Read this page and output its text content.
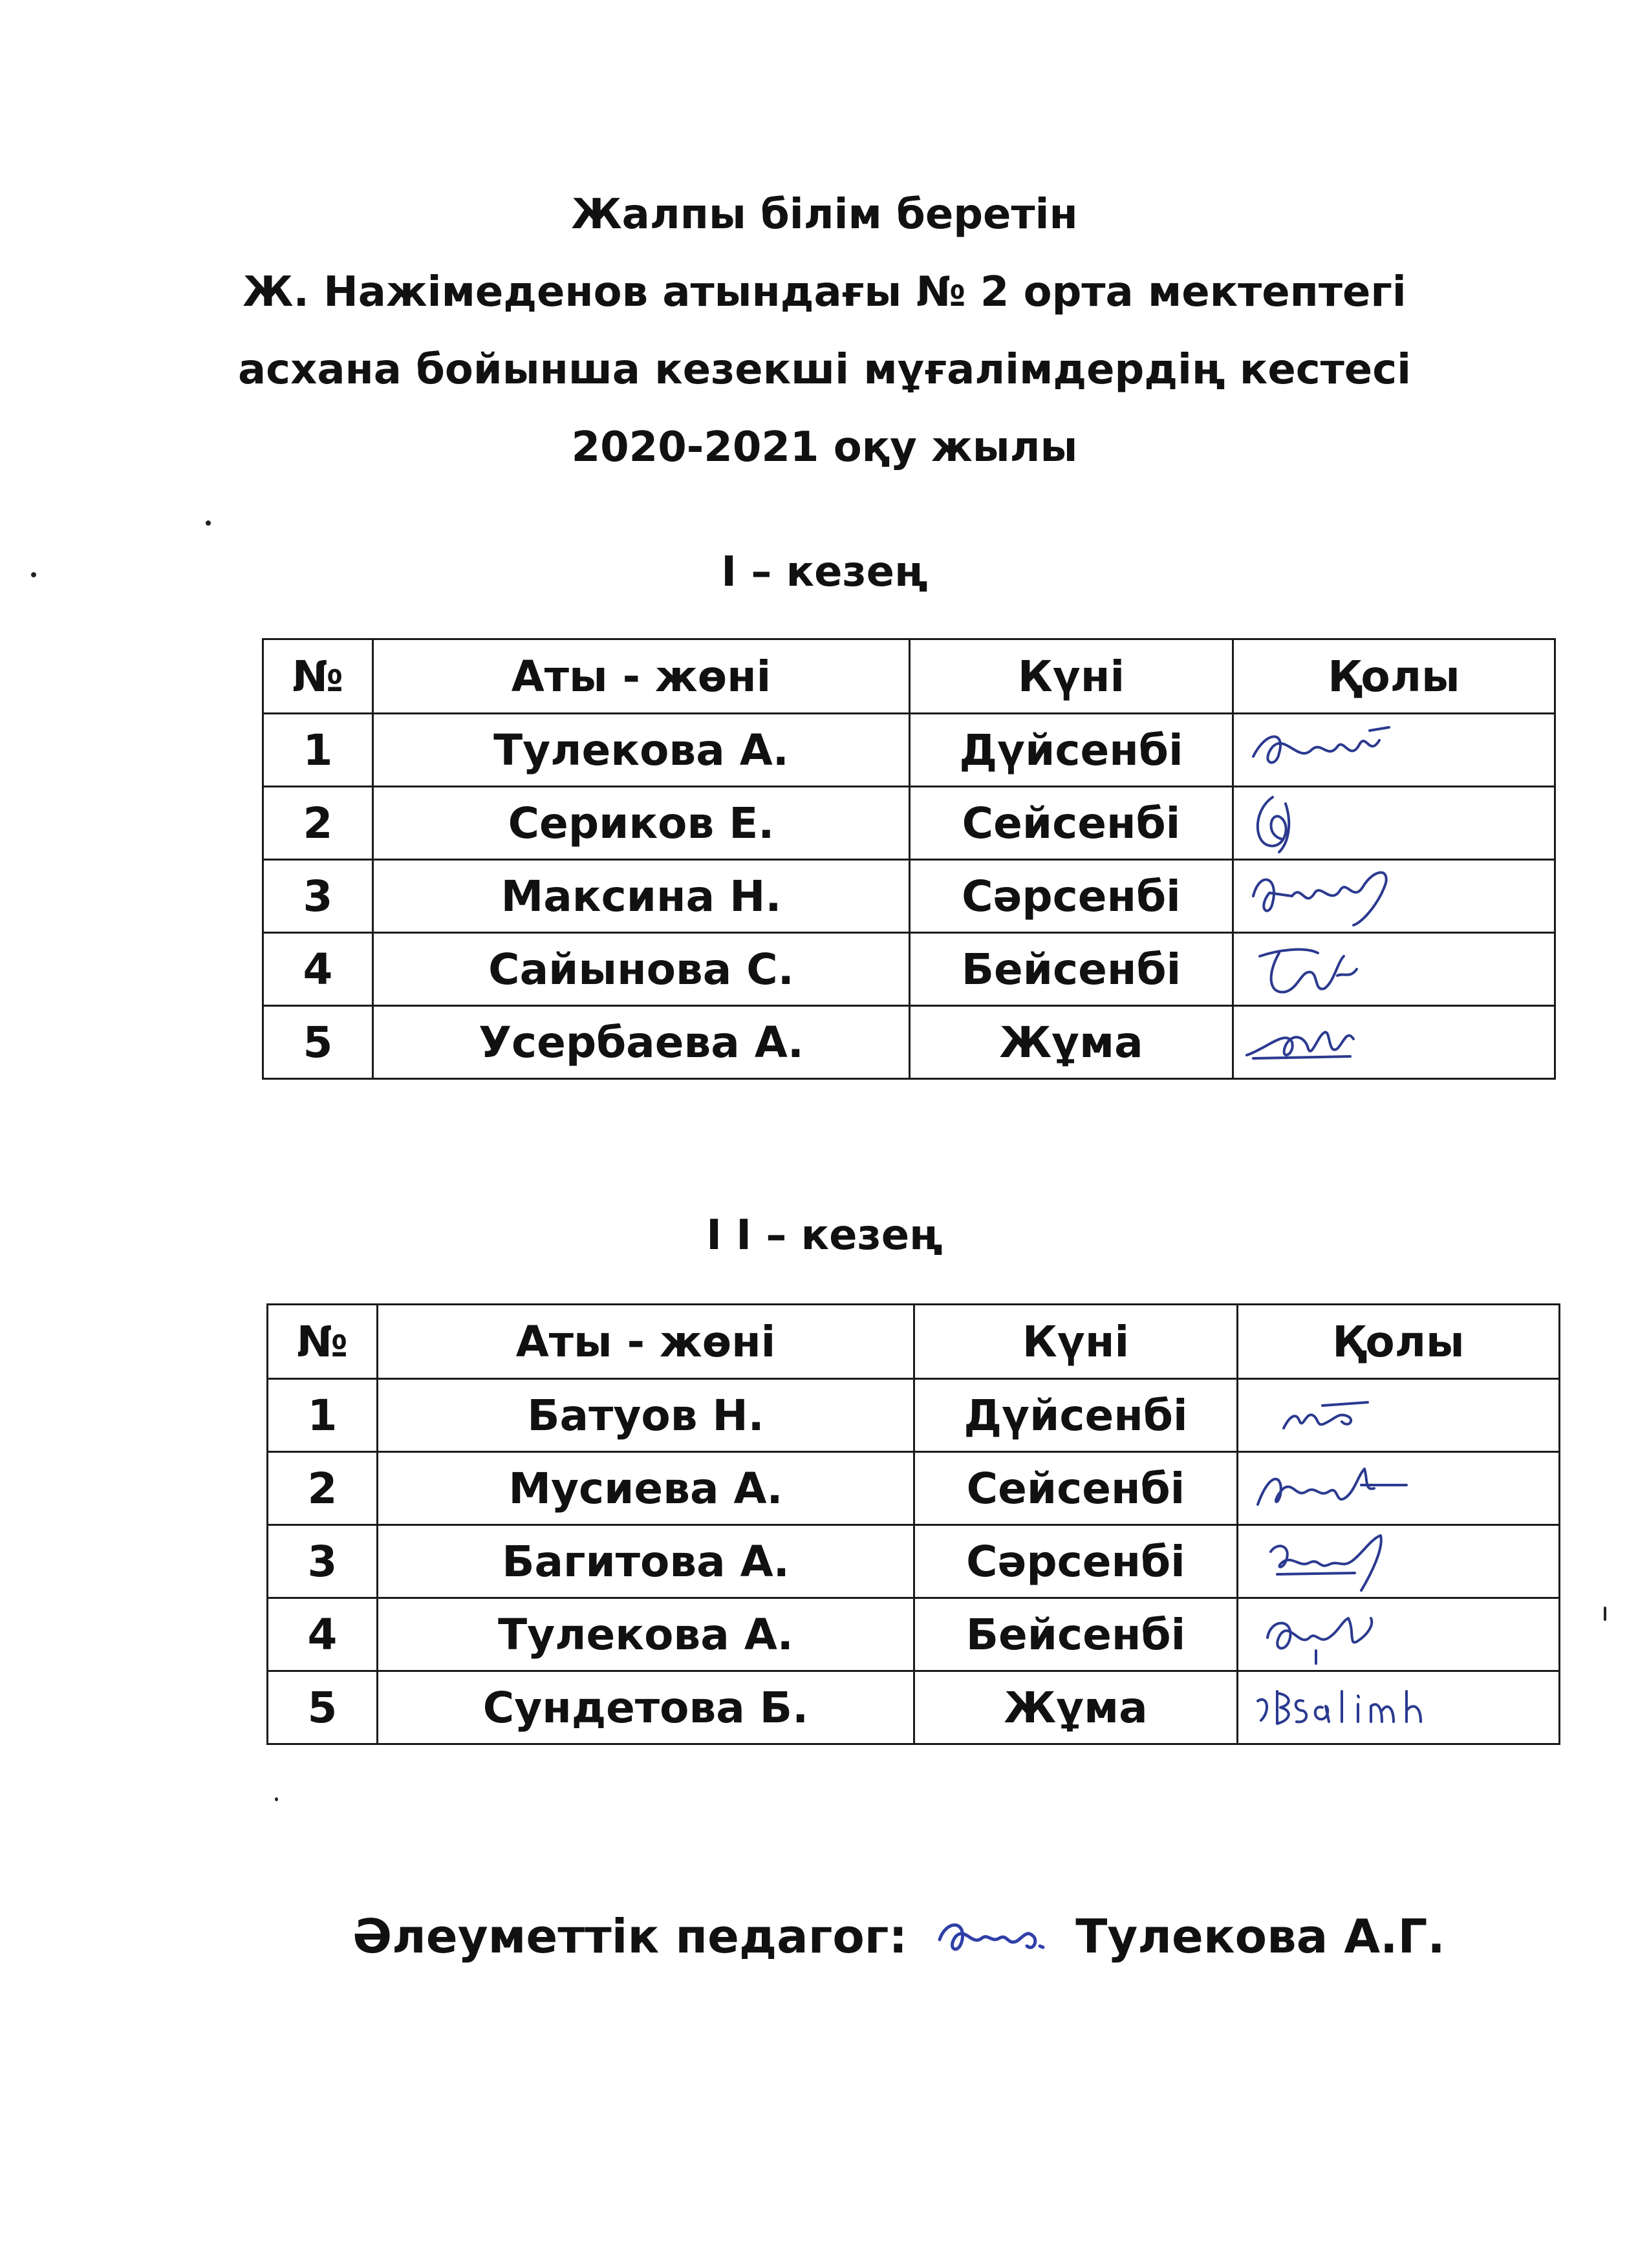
Жалпы білім беретін
Ж. Нажімеденов атындағы № 2 орта мектептегі
асхана бойынша кезекші мұғалімдердің кестесі
2020-2021 оқу жылы
I – кезең
№	Аты - жөні	Күні	Қолы
1	Тулекова А.	Дүйсенбі	

2	Сериков Е.	Сейсенбі	

3	Максина Н.	Сәрсенбі	

4	Сайынова С.	Бейсенбі	

5	Усербаева А.	Жұма	
I I – кезең
№	Аты - жөні	Күні	Қолы
1	Батуов Н.	Дүйсенбі	

2	Мусиева А.	Сейсенбі	

3	Багитова А.	Сәрсенбі	

4	Тулекова А.	Бейсенбі	

5	Сундетова Б.	Жұма	
Әлеуметтік педагог:	Тулекова А.Г.
